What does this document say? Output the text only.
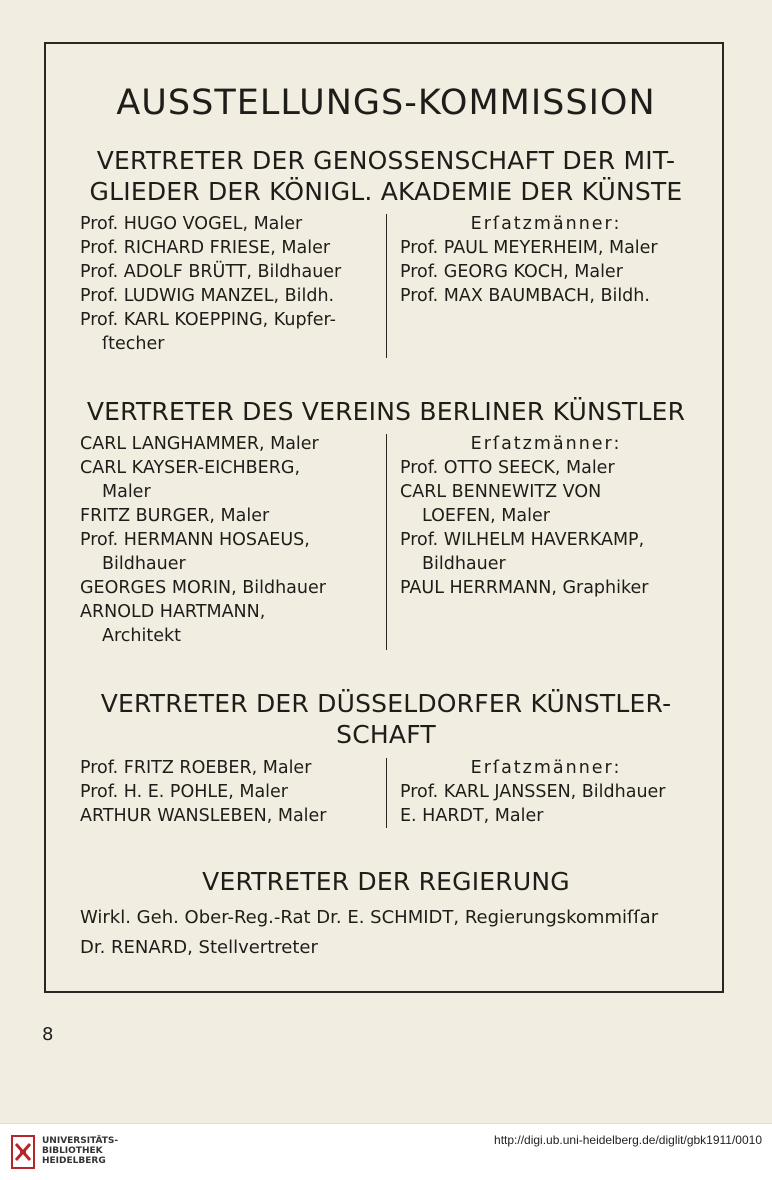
AUSSTELLUNGS-KOMMISSION
VERTRETER DER GENOSSENSCHAFT DER MIT-
GLIEDER DER KÖNIGL. AKADEMIE DER KÜNSTE
Prof. HUGO VOGEL, Maler
Prof. RICHARD FRIESE, Maler
Prof. ADOLF BRÜTT, Bildhauer
Prof. LUDWIG MANZEL, Bildh.
Prof. KARL KOEPPING, Kupfer-
ſtecher
Erſatzmänner:
Prof. PAUL MEYERHEIM, Maler
Prof. GEORG KOCH, Maler
Prof. MAX BAUMBACH, Bildh.
VERTRETER DES VEREINS BERLINER KÜNSTLER
CARL LANGHAMMER, Maler
CARL KAYSER-EICHBERG,
Maler
FRITZ BURGER, Maler
Prof. HERMANN HOSAEUS,
Bildhauer
GEORGES MORIN, Bildhauer
ARNOLD HARTMANN,
Architekt
Erſatzmänner:
Prof. OTTO SEECK, Maler
CARL BENNEWITZ VON
LOEFEN, Maler
Prof. WILHELM HAVERKAMP,
Bildhauer
PAUL HERRMANN, Graphiker
VERTRETER DER DÜSSELDORFER KÜNSTLER-
SCHAFT
Prof. FRITZ ROEBER, Maler
Prof. H. E. POHLE, Maler
ARTHUR WANSLEBEN, Maler
Erſatzmänner:
Prof. KARL JANSSEN, Bildhauer
E. HARDT, Maler
VERTRETER DER REGIERUNG
Wirkl. Geh. Ober-Reg.-Rat Dr. E. SCHMIDT, Regierungskommiſſar
Dr. RENARD, Stellvertreter
8
UNIVERSITÄTS-
BIBLIOTHEK
HEIDELBERG
http://digi.ub.uni-heidelberg.de/diglit/gbk1911/0010
